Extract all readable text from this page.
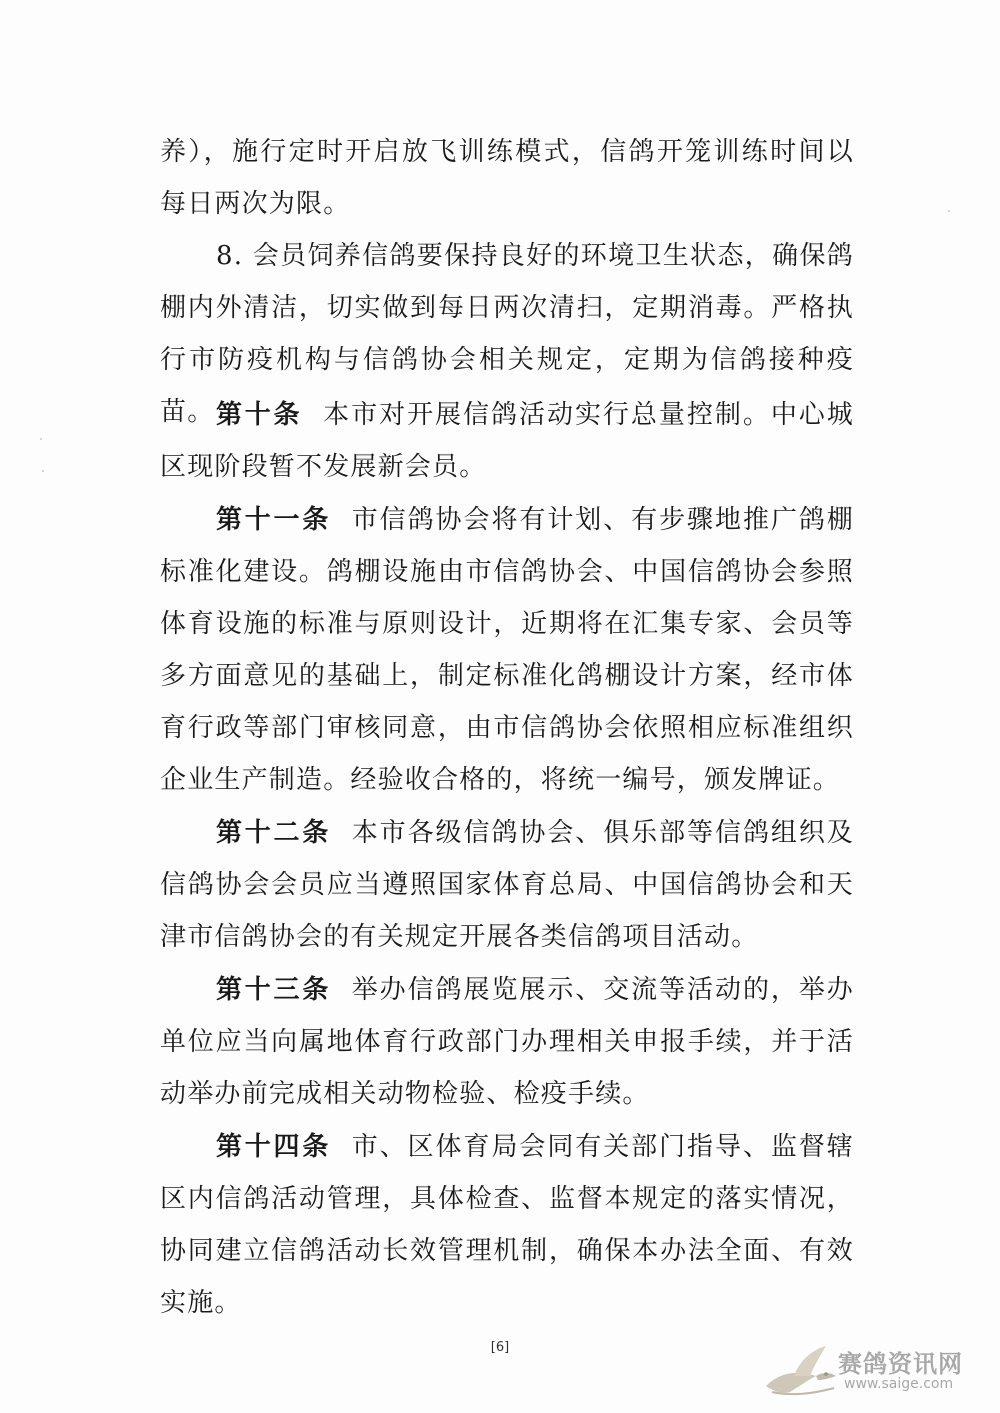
养），施行定时开启放飞训练模式，信鸽开笼训练时间以每日两次为限。

8. 会员饲养信鸽要保持良好的环境卫生状态，确保鸽棚内外清洁，切实做到每日两次清扫，定期消毒。严格执行市防疫机构与信鸽协会相关规定，定期为信鸽接种疫苗。 第十条 本市对开展信鸽活动实行总量控制。中心城区现阶段暂不发展新会员。

第十一条 市信鸽协会将有计划、有步骤地推广鸽棚标准化建设。鸽棚设施由市信鸽协会、中国信鸽协会参照体育设施的标准与原则设计，近期将在汇集专家、会员等多方面意见的基础上，制定标准化鸽棚设计方案，经市体育行政等部门审核同意，由市信鸽协会依照相应标准组织企业生产制造。经验收合格的，将统一编号，颁发牌证。

第十二条 本市各级信鸽协会、俱乐部等信鸽组织及信鸽协会会员应当遵照国家体育总局、中国信鸽协会和天津市信鸽协会的有关规定开展各类信鸽项目活动。

第十三条 举办信鸽展览展示、交流等活动的，举办单位应当向属地体育行政部门办理相关申报手续，并于活动举办前完成相关动物检验、检疫手续。

第十四条 市、区体育局会同有关部门指导、监督辖区内信鸽活动管理，具体检查、监督本规定的落实情况，协同建立信鸽活动长效管理机制，确保本办法全面、有效实施。

[6]
赛鸽资讯网
www.saige.com
